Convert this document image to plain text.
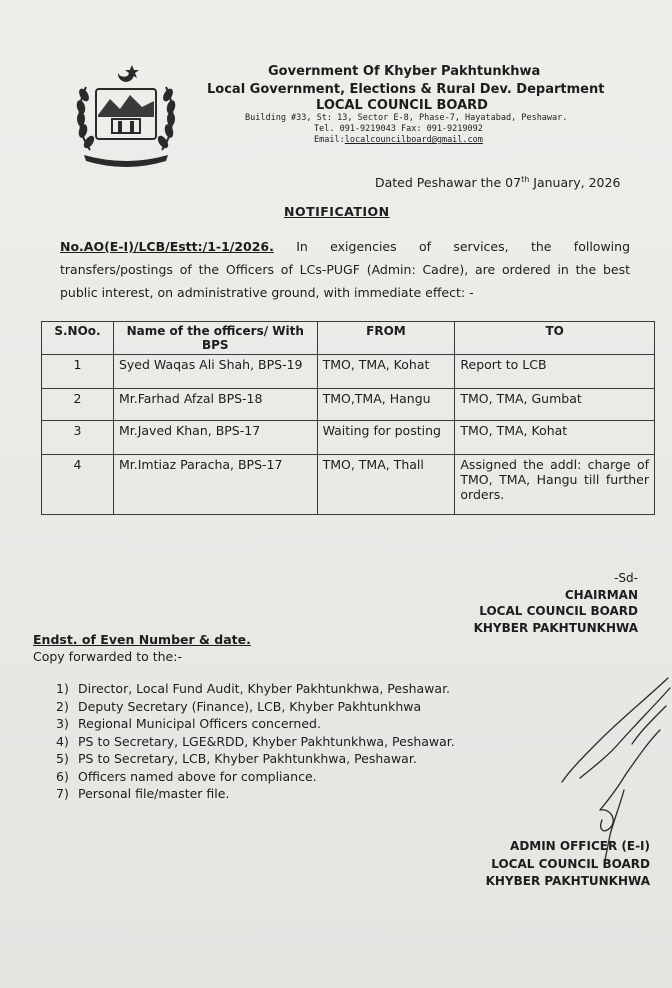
Government Of Khyber Pakhtunkhwa
Local Government, Elections & Rural Dev. Department
LOCAL COUNCIL BOARD
Building #33, St: 13, Sector E-8, Phase-7, Hayatabad, Peshawar.
Tel. 091-9219043 Fax: 091-9219092
Email:localcouncilboard@gmail.com
Dated Peshawar the 07th January, 2026
NOTIFICATION
No.AO(E-I)/LCB/Estt:/1-1/2026. In exigencies of services, the following
transfers/postings of the Officers of LCs-PUGF (Admin: Cadre), are ordered in the best
public interest, on administrative ground, with immediate effect: -
S.NOo.	Name of the officers/ With BPS	FROM	TO
1	Syed Waqas Ali Shah, BPS-19	TMO, TMA, Kohat	Report to LCB
2	Mr.Farhad Afzal BPS-18	TMO,TMA, Hangu	TMO, TMA, Gumbat
3	Mr.Javed Khan, BPS-17	Waiting for posting	TMO, TMA, Kohat
4	Mr.Imtiaz Paracha, BPS-17	TMO, TMA, Thall	Assigned the addl: charge of TMO, TMA, Hangu till further orders.
-Sd-
CHAIRMAN
LOCAL COUNCIL BOARD
KHYBER PAKHTUNKHWA
Endst. of Even Number & date.
Copy forwarded to the:-
1) Director, Local Fund Audit, Khyber Pakhtunkhwa, Peshawar.
2) Deputy Secretary (Finance), LCB, Khyber Pakhtunkhwa
3) Regional Municipal Officers concerned.
4) PS to Secretary, LGE&RDD, Khyber Pakhtunkhwa, Peshawar.
5) PS to Secretary, LCB, Khyber Pakhtunkhwa, Peshawar.
6) Officers named above for compliance.
7) Personal file/master file.
ADMIN OFFICER (E-I)
LOCAL COUNCIL BOARD
KHYBER PAKHTUNKHWA
